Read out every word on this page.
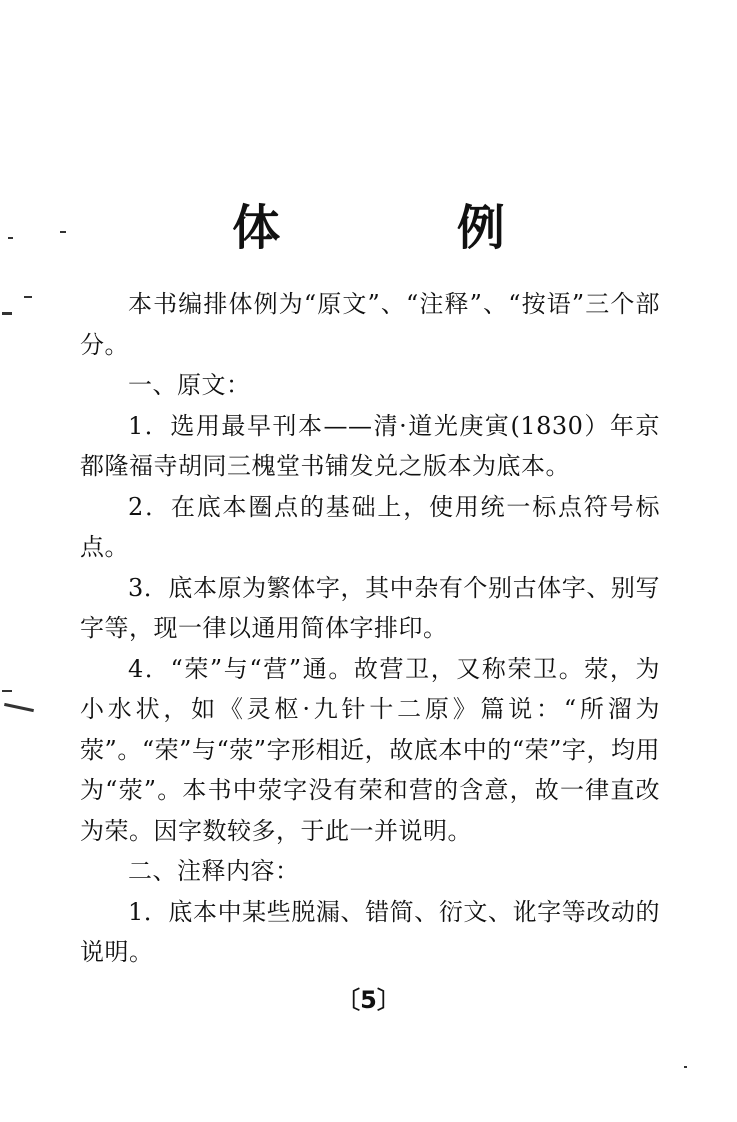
体 例

本书编排体例为“原文”、“注释”、“按语”三个部分。

一、原文：

1．选用最早刊本——清·道光庚寅(1830）年京都隆福寺胡同三槐堂书铺发兑之版本为底本。

2．在底本圈点的基础上，使用统一标点符号标点。

3．底本原为繁体字，其中杂有个别古体字、别写字等，现一律以通用简体字排印。

4．“荣”与“营”通。故营卫，又称荣卫。荥，为小水状，如《灵枢·九针十二原》篇说：“所溜为荥”。“荣”与“荥”字形相近，故底本中的“荣”字，均用为“荥”。本书中荥字没有荣和营的含意，故一律直改为荣。因字数较多，于此一并说明。

二、注释内容：

1．底本中某些脱漏、错简、衍文、讹字等改动的说明。

〔5〕
